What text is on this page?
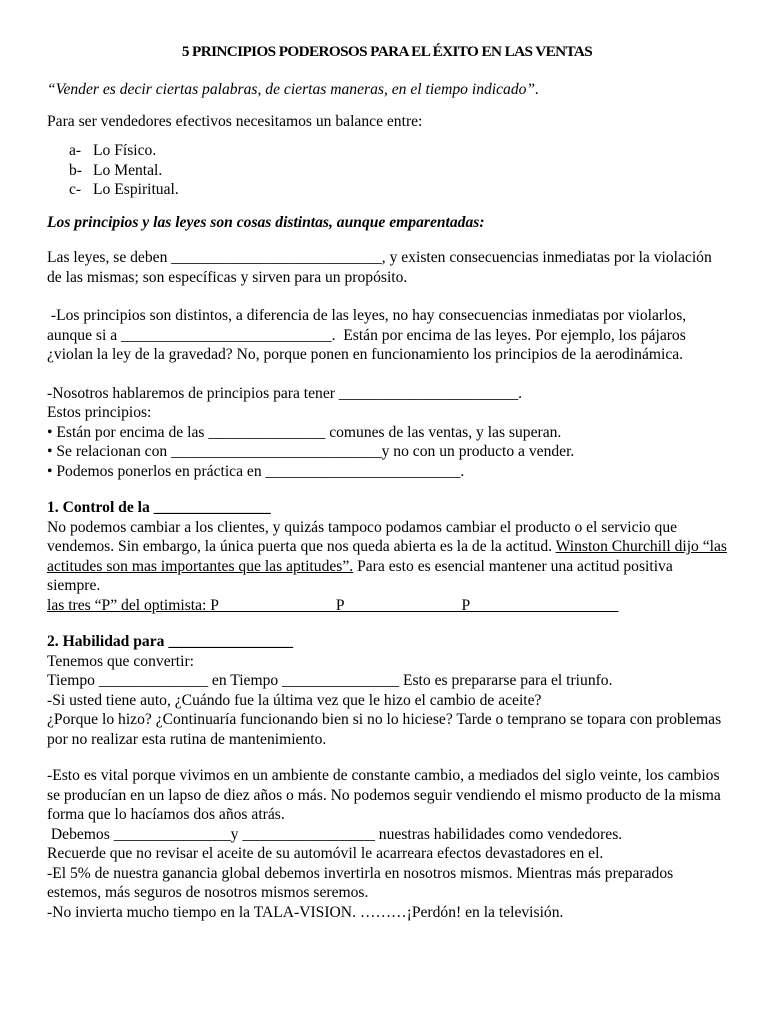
5 PRINCIPIOS PODEROSOS PARA EL ÉXITO EN LAS VENTAS

“Vender es decir ciertas palabras, de ciertas maneras, en el tiempo indicado”.

Para ser vendedores efectivos necesitamos un balance entre:

a- Lo Físico.
b- Lo Mental.
c- Lo Espiritual.

Los principios y las leyes son cosas distintas, aunque emparentadas:

Las leyes, se deben ___________________________, y existen consecuencias inmediatas por la violación de las mismas; son específicas y sirven para un propósito.

-Los principios son distintos, a diferencia de las leyes, no hay consecuencias inmediatas por violarlos, aunque si a ___________________________.  Están por encima de las leyes. Por ejemplo, los pájaros ¿violan la ley de la gravedad? No, porque ponen en funcionamiento los principios de la aerodinámica.

-Nosotros hablaremos de principios para tener _______________________.

Estos principios:

• Están por encima de las _______________ comunes de las ventas, y las superan.

• Se relacionan con ___________________________y no con un producto a vender.

• Podemos ponerlos en práctica en _________________________.

1. Control de la _______________

No podemos cambiar a los clientes, y quizás tampoco podamos cambiar el producto o el servicio que vendemos. Sin embargo, la única puerta que nos queda abierta es la de la actitud. Winston Churchill dijo “las actitudes son mas importantes que las aptitudes”. Para esto es esencial mantener una actitud positiva siempre.

las tres “P” del optimista: P_______________P_______________P___________________

2. Habilidad para ________________

Tenemos que convertir:

Tiempo ______________ en Tiempo _______________ Esto es prepararse para el triunfo.

-Si usted tiene auto, ¿Cuándo fue la última vez que le hizo el cambio de aceite?

¿Porque lo hizo? ¿Continuaría funcionando bien si no lo hiciese? Tarde o temprano se topara con problemas por no realizar esta rutina de mantenimiento.

-Esto es vital porque vivimos en un ambiente de constante cambio, a mediados del siglo veinte, los cambios se producían en un lapso de diez años o más. No podemos seguir vendiendo el mismo producto de la misma forma que lo hacíamos dos años atrás.

Debemos _______________y _________________ nuestras habilidades como vendedores.

Recuerde que no revisar el aceite de su automóvil le acarreara efectos devastadores en el.

-El 5% de nuestra ganancia global debemos invertirla en nosotros mismos. Mientras más preparados estemos, más seguros de nosotros mismos seremos.

-No invierta mucho tiempo en la TALA-VISION. ………¡Perdón! en la televisión.
